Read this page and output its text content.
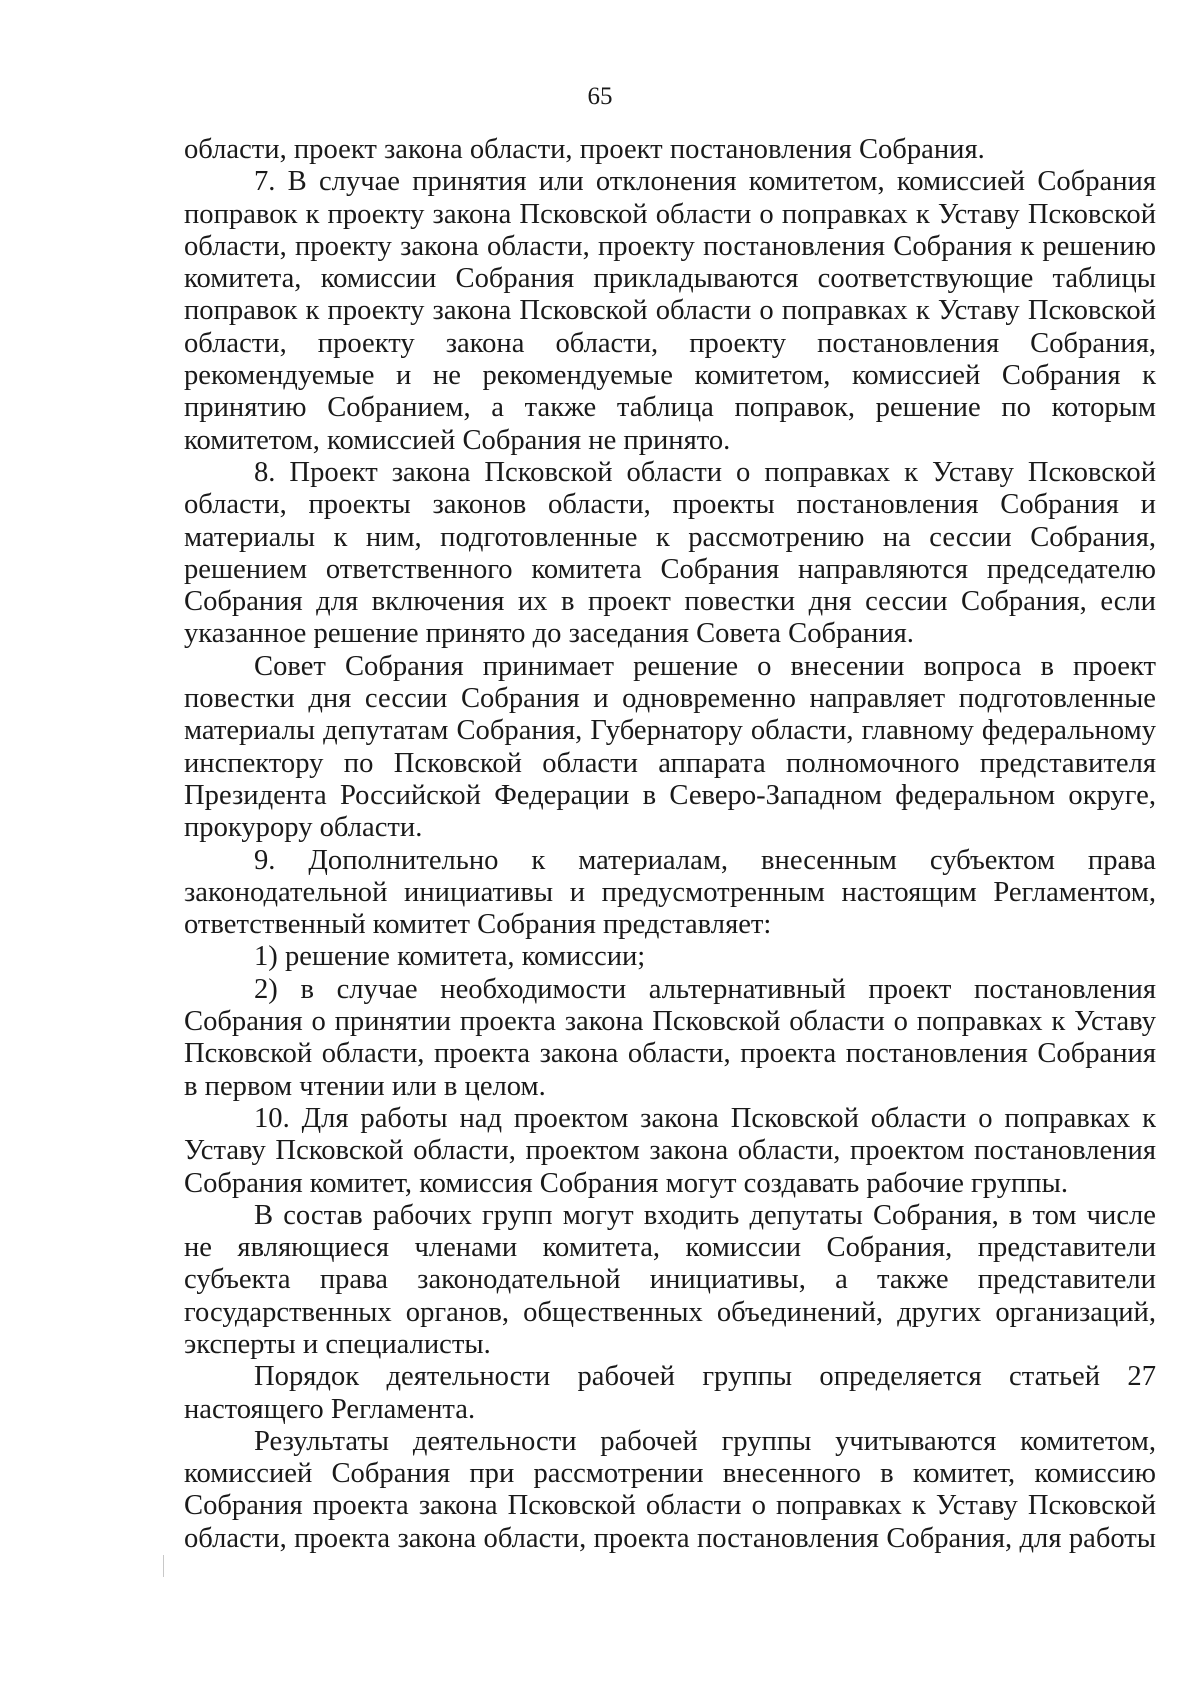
65

области, проект закона области, проект постановления Собрания.

7. В случае принятия или отклонения комитетом, комиссией Собрания поправок к проекту закона Псковской области о поправках к Уставу Псковской области, проекту закона области, проекту постановления Собрания к решению комитета, комиссии Собрания прикладываются соответствующие таблицы поправок к проекту закона Псковской области о поправках к Уставу Псковской области, проекту закона области, проекту постановления Собрания, рекомендуемые и не рекомендуемые комитетом, комиссией Собрания к принятию Собранием, а также таблица поправок, решение по которым комитетом, комиссией Собрания не принято.

8. Проект закона Псковской области о поправках к Уставу Псковской области, проекты законов области, проекты постановления Собрания и материалы к ним, подготовленные к рассмотрению на сессии Собрания, решением ответственного комитета Собрания направляются председателю Собрания для включения их в проект повестки дня сессии Собрания, если указанное решение принято до заседания Совета Собрания.

Совет Собрания принимает решение о внесении вопроса в проект повестки дня сессии Собрания и одновременно направляет подготовленные материалы депутатам Собрания, Губернатору области, главному федеральному инспектору по Псковской области аппарата полномочного представителя Президента Российской Федерации в Северо-Западном федеральном округе, прокурору области.

9. Дополнительно к материалам, внесенным субъектом права законодательной инициативы и предусмотренным настоящим Регламентом, ответственный комитет Собрания представляет:

1) решение комитета, комиссии;

2) в случае необходимости альтернативный проект постановления Собрания о принятии проекта закона Псковской области о поправках к Уставу Псковской области, проекта закона области, проекта постановления Собрания в первом чтении или в целом.

10. Для работы над проектом закона Псковской области о поправках к Уставу Псковской области, проектом закона области, проектом постановления Собрания комитет, комиссия Собрания могут создавать рабочие группы.

В состав рабочих групп могут входить депутаты Собрания, в том числе не являющиеся членами комитета, комиссии Собрания, представители субъекта права законодательной инициативы, а также представители государственных органов, общественных объединений, других организаций, эксперты и специалисты.

Порядок деятельности рабочей группы определяется статьей 27 настоящего Регламента.

Результаты деятельности рабочей группы учитываются комитетом, комиссией Собрания при рассмотрении внесенного в комитет, комиссию Собрания проекта закона Псковской области о поправках к Уставу Псковской области, проекта закона области, проекта постановления Собрания, для работы
